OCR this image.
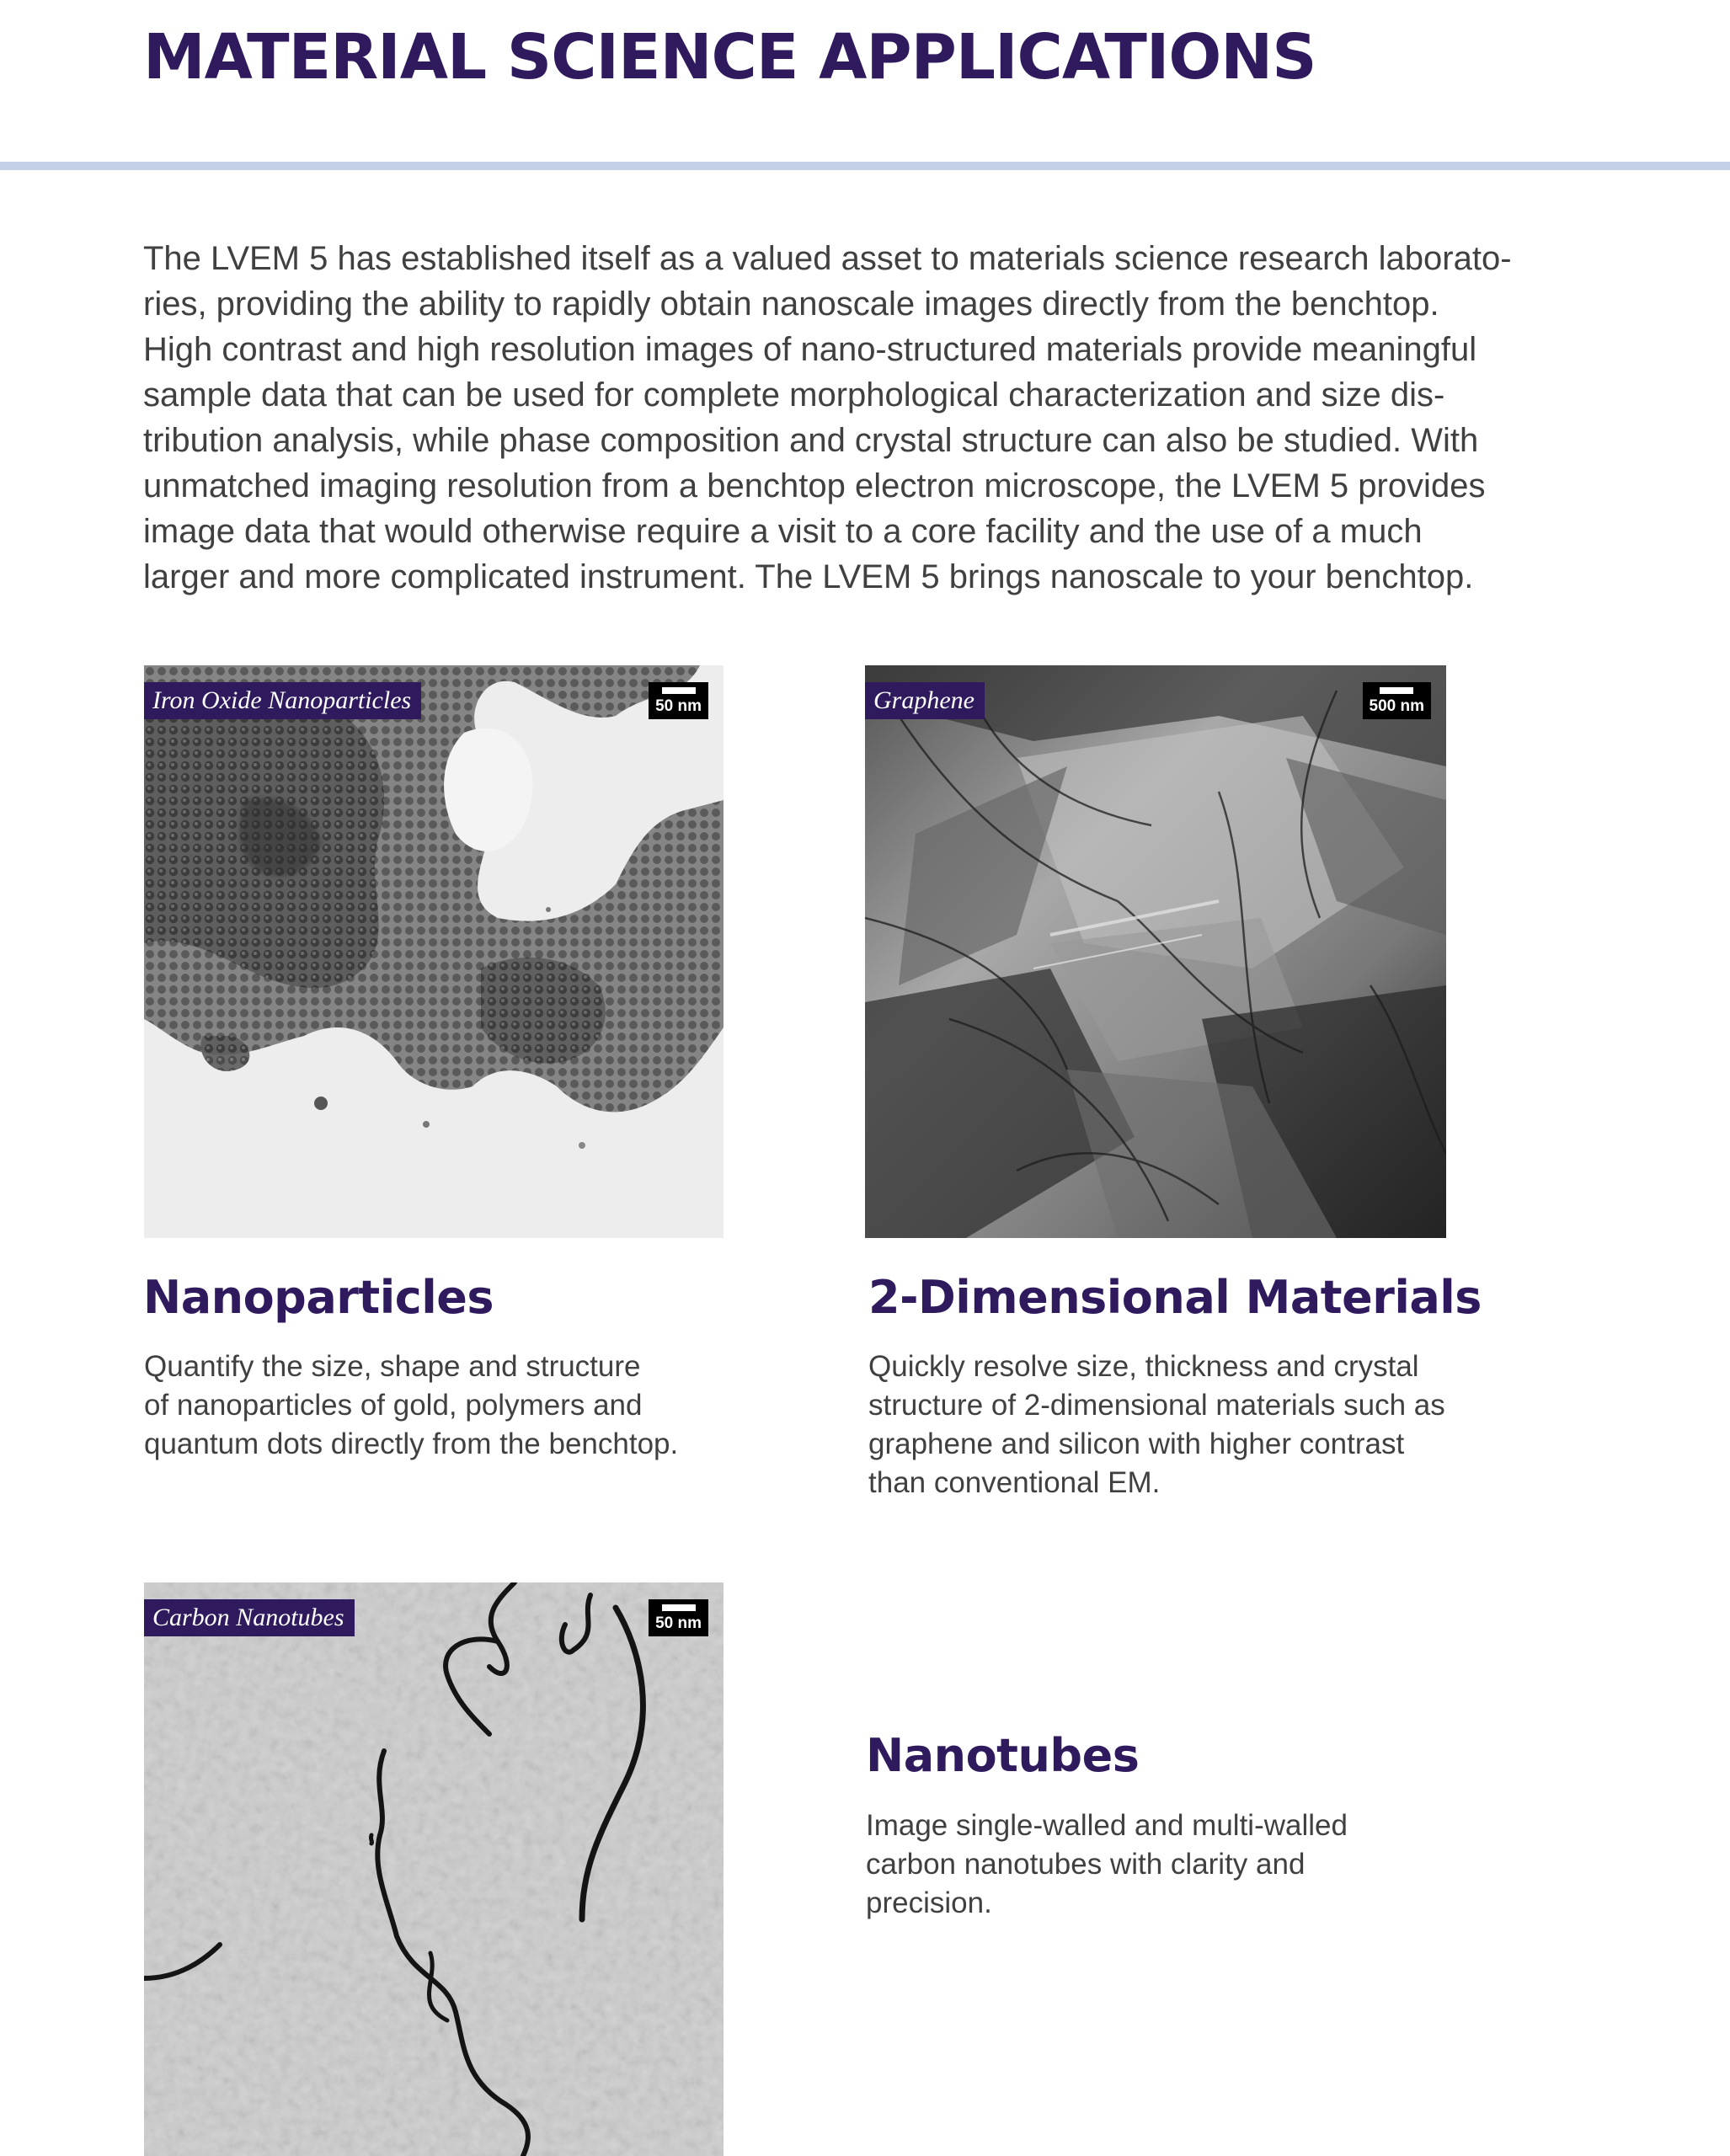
MATERIAL SCIENCE APPLICATIONS
The LVEM 5 has established itself as a valued asset to materials science research laborato-
ries, providing the ability to rapidly obtain nanoscale images directly from the benchtop.
High contrast and high resolution images of nano-structured materials provide meaningful
sample data that can be used for complete morphological characterization and size dis-
tribution analysis, while phase composition and crystal structure can also be studied. With
unmatched imaging resolution from a benchtop electron microscope, the LVEM 5 provides
image data that would otherwise require a visit to a core facility and the use of a much
larger and more complicated instrument. The LVEM 5 brings nanoscale to your benchtop.
Iron Oxide Nanoparticles	50 nm	Graphene	500 nm
Carbon Nanotubes	50 nm
Nanoparticles
Quantify the size, shape and structure
of nanoparticles of gold, polymers and
quantum dots directly from the benchtop.
2-Dimensional Materials
Quickly resolve size, thickness and crystal
structure of 2-dimensional materials such as
graphene and silicon with higher contrast
than conventional EM.
Nanotubes
Image single-walled and multi-walled
carbon nanotubes with clarity and
precision.
